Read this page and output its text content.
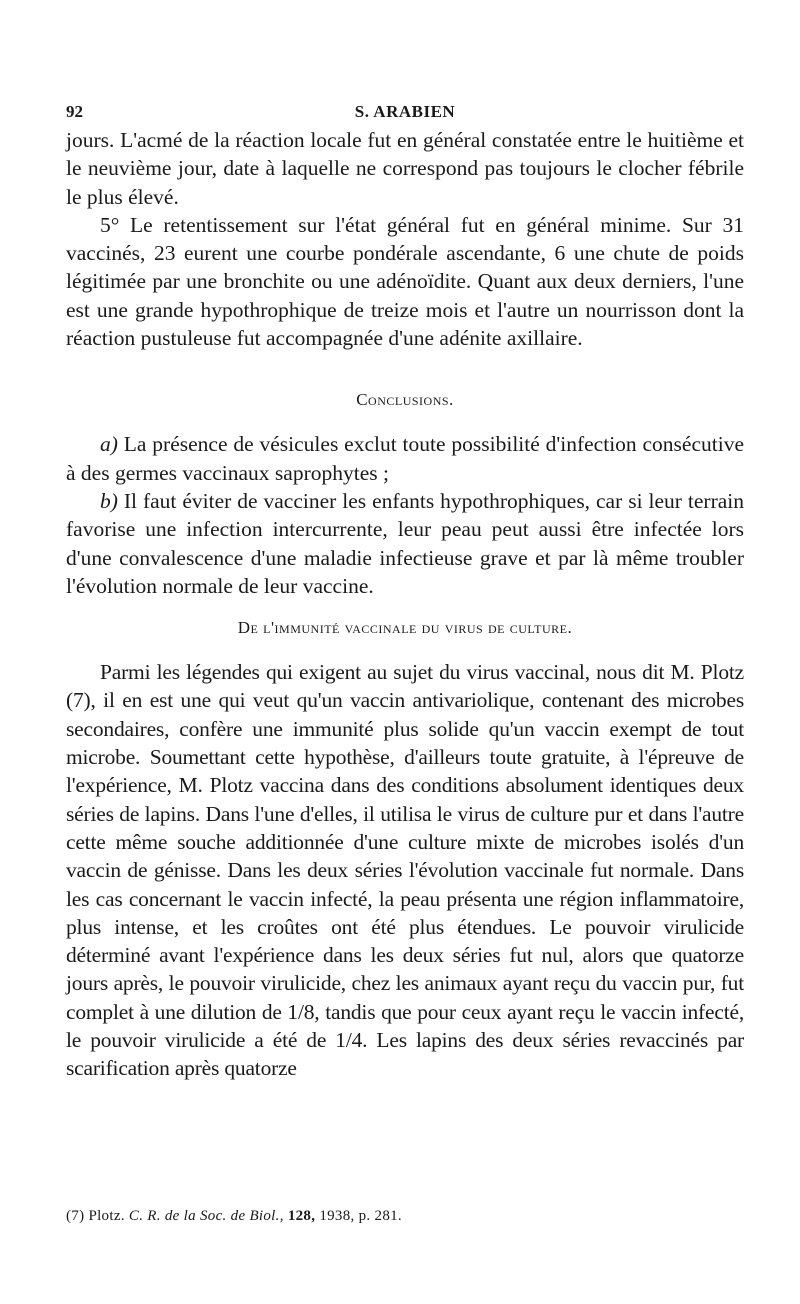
92	S. ARABIEN

jours. L'acmé de la réaction locale fut en général constatée entre le huitième et le neuvième jour, date à laquelle ne correspond pas toujours le clocher fébrile le plus élevé.

5° Le retentissement sur l'état général fut en général minime. Sur 31 vaccinés, 23 eurent une courbe pondérale ascendante, 6 une chute de poids légitimée par une bronchite ou une adénoïdite. Quant aux deux derniers, l'une est une grande hypothrophique de treize mois et l'autre un nourrisson dont la réaction pustuleuse fut accompagnée d'une adénite axillaire.

Conclusions.

a) La présence de vésicules exclut toute possibilité d'infection consécutive à des germes vaccinaux saprophytes ;

b) Il faut éviter de vacciner les enfants hypothrophiques, car si leur terrain favorise une infection intercurrente, leur peau peut aussi être infectée lors d'une convalescence d'une maladie infectieuse grave et par là même troubler l'évolution normale de leur vaccine.

De l'immunité vaccinale du virus de culture.

Parmi les légendes qui exigent au sujet du virus vaccinal, nous dit M. Plotz (7), il en est une qui veut qu'un vaccin antivariolique, contenant des microbes secondaires, confère une immunité plus solide qu'un vaccin exempt de tout microbe. Soumettant cette hypothèse, d'ailleurs toute gratuite, à l'épreuve de l'expérience, M. Plotz vaccina dans des conditions absolument identiques deux séries de lapins. Dans l'une d'elles, il utilisa le virus de culture pur et dans l'autre cette même souche additionnée d'une culture mixte de microbes isolés d'un vaccin de génisse. Dans les deux séries l'évolution vaccinale fut normale. Dans les cas concernant le vaccin infecté, la peau présenta une région inflammatoire, plus intense, et les croûtes ont été plus étendues. Le pouvoir virulicide déterminé avant l'expérience dans les deux séries fut nul, alors que quatorze jours après, le pouvoir virulicide, chez les animaux ayant reçu du vaccin pur, fut complet à une dilution de 1/8, tandis que pour ceux ayant reçu le vaccin infecté, le pouvoir virulicide a été de 1/4. Les lapins des deux séries revaccinés par scarification après quatorze

(7) Plotz. C. R. de la Soc. de Biol., 128, 1938, p. 281.
